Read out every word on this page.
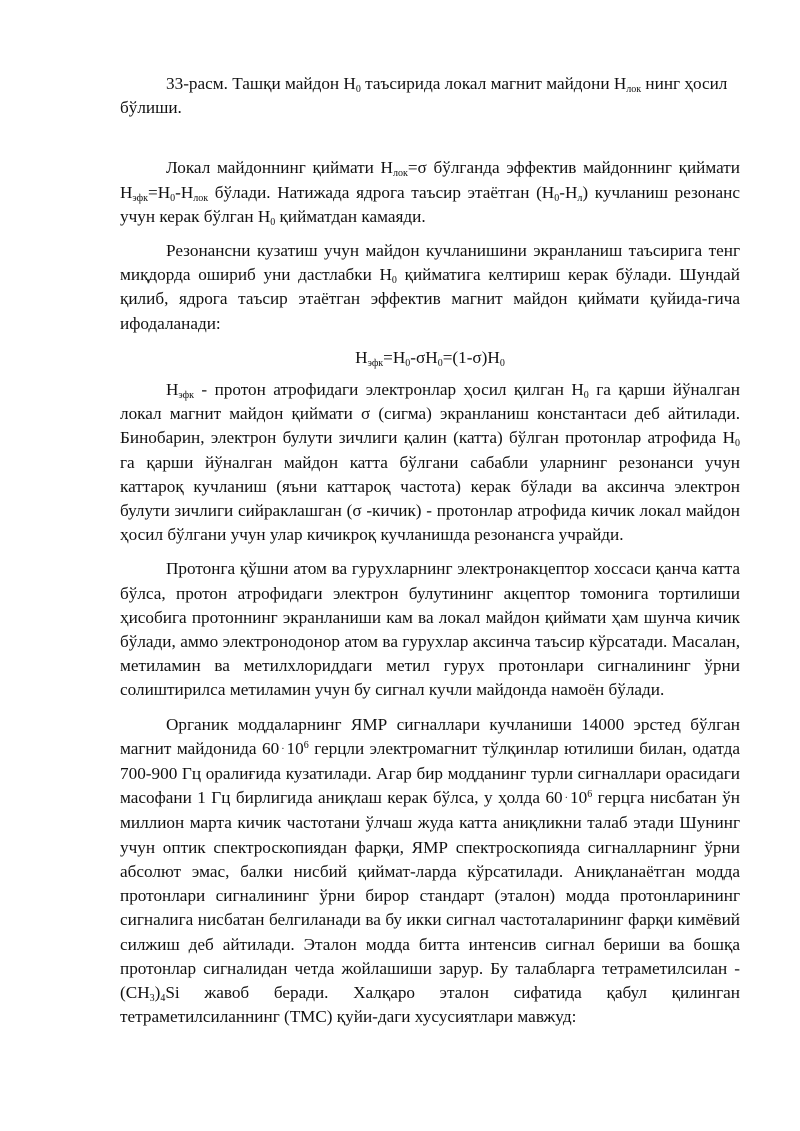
33-расм. Ташқи майдон $H_0$ таъсирида локал магнит майдони $H_{лок}$ нинг ҳосил бўлиши.

Локал майдоннинг қиймати $H_{лок}=\sigma$ бўлганда эффектив майдоннинг қиймати $H_{эфк}=H_0-H_{лок}$ бўлади. Натижада ядрога таъсир этаётган $(H_0-H_л)$ кучланиш резонанс учун керак бўлган $H_0$ қийматдан камаяди.

Резонансни кузатиш учун майдон кучланишини экранланиш таъсирига тенг миқдорда ошириб уни дастлабки $H_0$ қийматига келтириш керак бўлади. Шундай қилиб, ядрога таъсир этаётган эффектив магнит майдон қиймати қуйида-гича ифодаланади:

$H_{эфк}=H_0-\sigma H_0=(1-\sigma)H_0$

$H_{эфк}$ - протон атрофидаги электронлар ҳосил қилган $H_0$ га қарши йўналган локал магнит майдон қиймати σ (сигма) экранланиш константаси деб айтилади. Бинобарин, электрон булути зичлиги қалин (катта) бўлган протонлар атрофида $H_0$ га қарши йўналган майдон катта бўлгани сабабли уларнинг резонанси учун каттароқ кучланиш (яъни каттароқ частота) керак бўлади ва аксинча электрон булути зичлиги сийраклашган (σ -кичик) - протонлар атрофида кичик локал майдон ҳосил бўлгани учун улар кичикроқ кучланишда резонансга учрайди.

Протонга қўшни атом ва гурухларнинг электронакцептор хоссаси қанча катта бўлса, протон атрофидаги электрон булутининг акцептор томонига тортилиши ҳисобига протоннинг экранланиши кам ва локал майдон қиймати ҳам шунча кичик бўлади, аммо электронодонор атом ва гурухлар аксинча таъсир кўрсатади. Масалан, метиламин ва метилхлориддаги метил гурух протонлари сигналининг ўрни солиштирилса метиламин учун бу сигнал кучли майдонда намоён бўлади.

Органик моддаларнинг ЯМР сигналлари кучланиши 14000 эрстед бўлган магнит майдонида $60 \cdot 10^6$ герцли электромагнит тўлқинлар ютилиши билан, одатда 700-900 Гц оралиғида кузатилади. Агар бир модданинг турли сигналлари орасидаги масофани 1 Гц бирлигида аниқлаш керак бўлса, у ҳолда $60 \cdot 10^6$ герцга нисбатан ўн миллион марта кичик частотани ўлчаш жуда катта аниқликни талаб этади Шунинг учун оптик спектроскопиядан фарқи, ЯМР спектроскопияда сигналларнинг ўрни абсолют эмас, балки нисбий қиймат-ларда кўрсатилади. Аниқланаётган модда протонлари сигналининг ўрни бирор стандарт (эталон) модда протонларининг сигналига нисбатан белгиланади ва бу икки сигнал частоталарининг фарқи кимёвий силжиш деб айтилади. Эталон модда битта интенсив сигнал бериши ва бошқа протонлар сигналидан четда жойлашиши зарур. Бу талабларга тетраметилсилан - $(CH_3)_4Si$ жавоб беради. Халқаро эталон сифатида қабул қилинган тетраметилсиланнинг (ТМС) қуйи-даги хусусиятлари мавжуд:
